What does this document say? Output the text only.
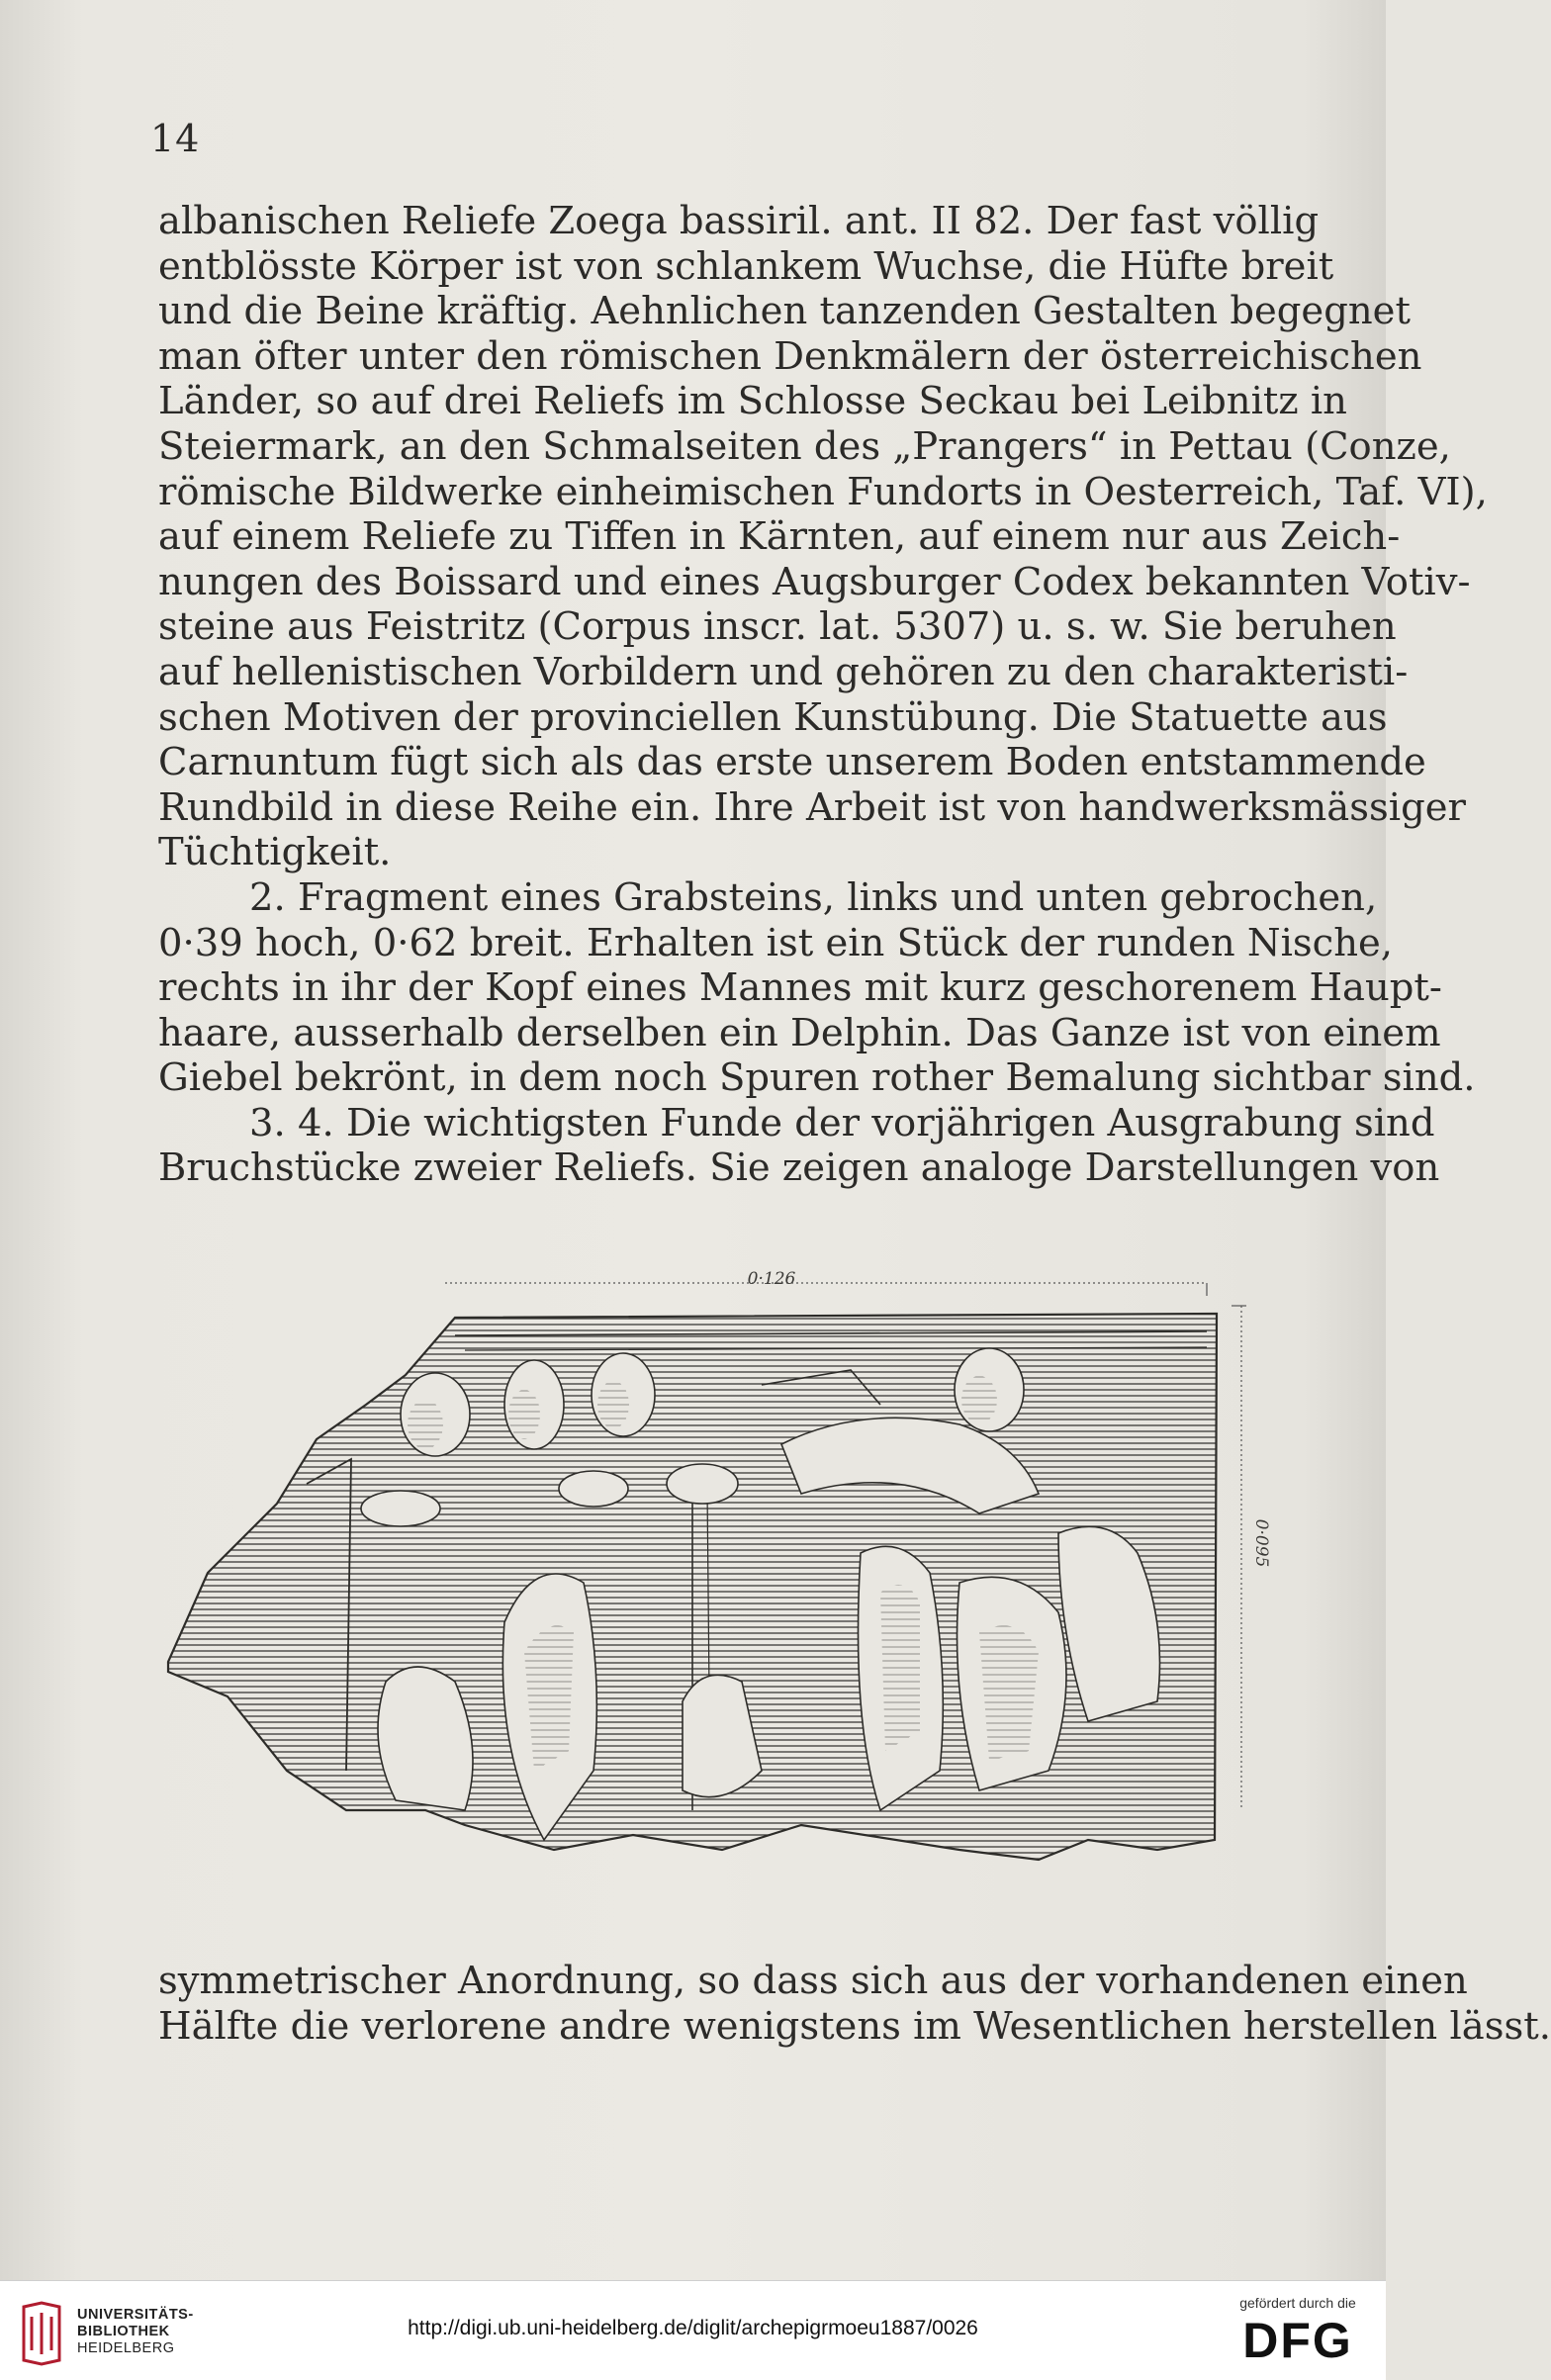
14
albanischen Reliefe Zoega bassiril. ant. II 82. Der fast völlig
entblösste Körper ist von schlankem Wuchse, die Hüfte breit
und die Beine kräftig. Aehnlichen tanzenden Gestalten begegnet
man öfter unter den römischen Denkmälern der österreichischen
Länder, so auf drei Reliefs im Schlosse Seckau bei Leibnitz in
Steiermark, an den Schmalseiten des „Prangers“ in Pettau (Conze,
römische Bildwerke einheimischen Fundorts in Oesterreich, Taf. VI),
auf einem Reliefe zu Tiffen in Kärnten, auf einem nur aus Zeich-
nungen des Boissard und eines Augsburger Codex bekannten Votiv-
steine aus Feistritz (Corpus inscr. lat. 5307) u. s. w. Sie beruhen
auf hellenistischen Vorbildern und gehören zu den charakteristi-
schen Motiven der provinciellen Kunstübung. Die Statuette aus
Carnuntum fügt sich als das erste unserem Boden entstammende
Rundbild in diese Reihe ein. Ihre Arbeit ist von handwerksmässiger
Tüchtigkeit.
2. Fragment eines Grabsteins, links und unten gebrochen,
0·39 hoch, 0·62 breit. Erhalten ist ein Stück der runden Nische,
rechts in ihr der Kopf eines Mannes mit kurz geschorenem Haupt-
haare, ausserhalb derselben ein Delphin. Das Ganze ist von einem
Giebel bekrönt, in dem noch Spuren rother Bemalung sichtbar sind.
3. 4. Die wichtigsten Funde der vorjährigen Ausgrabung sind
Bruchstücke zweier Reliefs. Sie zeigen analoge Darstellungen von
0·126
0·095
symmetrischer Anordnung, so dass sich aus der vorhandenen einen
Hälfte die verlorene andre wenigstens im Wesentlichen herstellen lässt.
UNIVERSITÄTS-
BIBLIOTHEK
HEIDELBERG
http://digi.ub.uni-heidelberg.de/diglit/archepigrmoeu1887/0026
gefördert durch die
DFG
